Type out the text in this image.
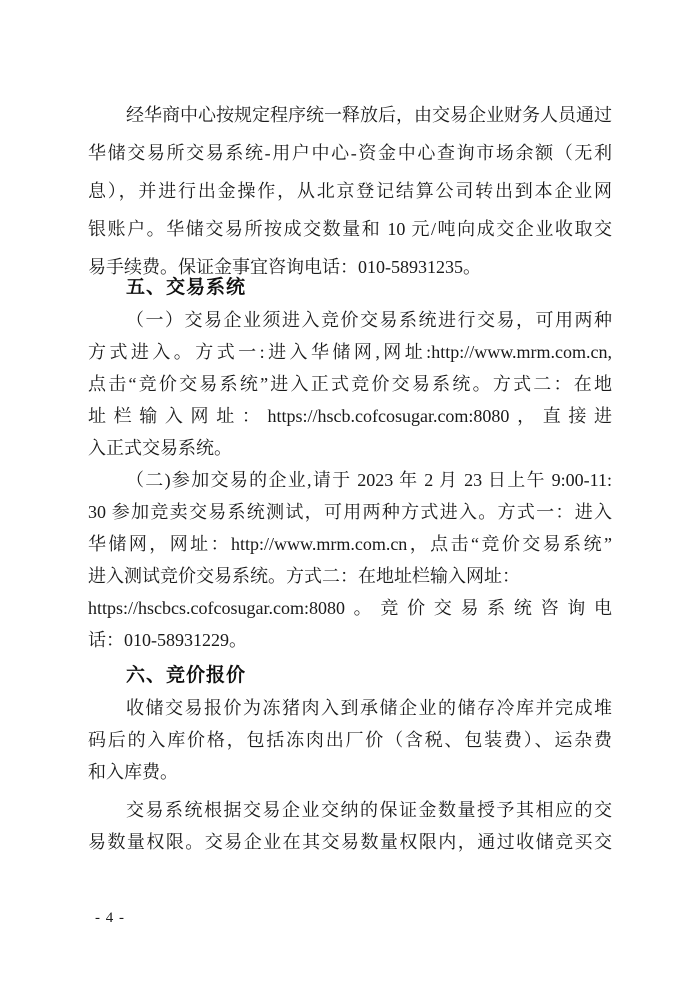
经华商中心按规定程序统一释放后，由交易企业财务人员通过
华储交易所交易系统-用户中心-资金中心查询市场余额（无利
息），并进行出金操作，从北京登记结算公司转出到本企业网
银账户。华储交易所按成交数量和 10 元/吨向成交企业收取交
易手续费。保证金事宜咨询电话：010-58931235。
五、交易系统
（一）交易企业须进入竞价交易系统进行交易，可用两种
方式进入。方式一:进入华储网,网址:http://www.mrm.com.cn,
点击“竞价交易系统”进入正式竞价交易系统。方式二：在地
址栏输入网址：https://hscb.cofcosugar.com:8080，直接进
入正式交易系统。
（二)参加交易的企业,请于 2023 年 2 月 23 日上午 9:00-11:
30 参加竞卖交易系统测试，可用两种方式进入。方式一：进入
华储网，网址：http://www.mrm.com.cn，点击“竞价交易系统”
进入测试竞价交易系统。方式二：在地址栏输入网址：
https://hscbcs.cofcosugar.com:8080。竞价交易系统咨询电
话：010-58931229。
六、竞价报价
收储交易报价为冻猪肉入到承储企业的储存冷库并完成堆
码后的入库价格，包括冻肉出厂价（含税、包装费）、运杂费
和入库费。
交易系统根据交易企业交纳的保证金数量授予其相应的交
易数量权限。交易企业在其交易数量权限内，通过收储竞买交
- 4 -
